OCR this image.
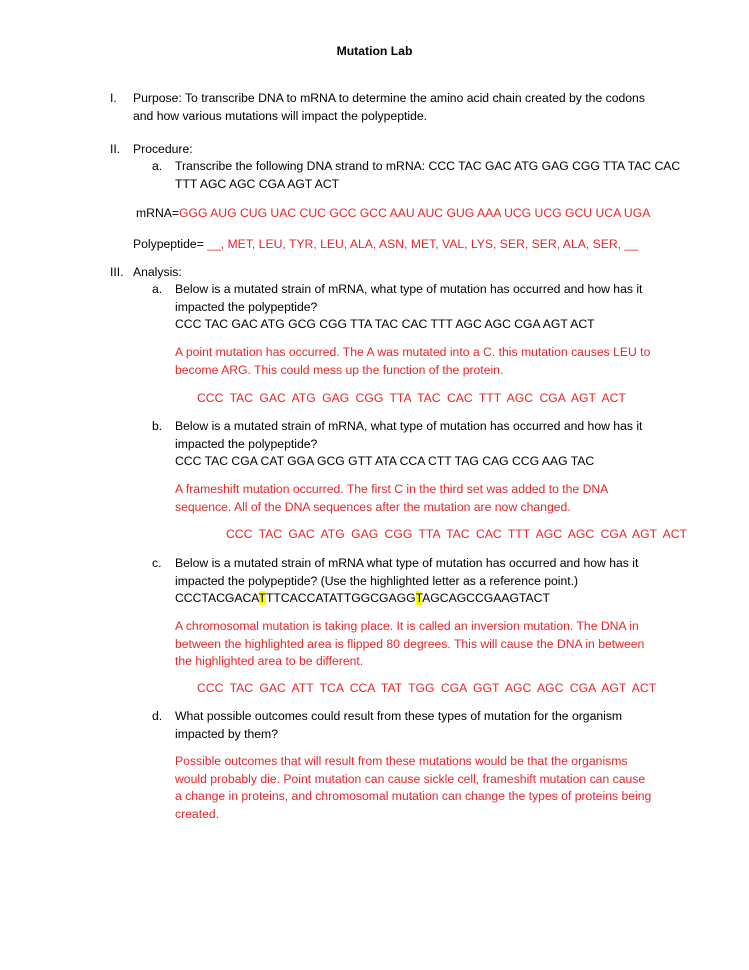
Mutation Lab
I. Purpose: To transcribe DNA to mRNA to determine the amino acid chain created by the codons
and how various mutations will impact the polypeptide.
II. Procedure:
a. Transcribe the following DNA strand to mRNA: CCC TAC GAC ATG GAG CGG TTA TAC CAC
TTT AGC AGC CGA AGT ACT
mRNA=GGG AUG CUG UAC CUC GCC GCC AAU AUC GUG AAA UCG UCG GCU UCA UGA
Polypeptide= __, MET, LEU, TYR, LEU, ALA, ASN, MET, VAL, LYS, SER, SER, ALA, SER, __
III. Analysis:
a. Below is a mutated strain of mRNA, what type of mutation has occurred and how has it
impacted the polypeptide?
CCC TAC GAC ATG GCG CGG TTA TAC CAC TTT AGC AGC CGA AGT ACT
A point mutation has occurred. The A was mutated into a C. this mutation causes LEU to
become ARG. This could mess up the function of the protein.
CCC TAC GAC ATG GAG CGG TTA TAC CAC TTT AGC CGA AGT ACT
b. Below is a mutated strain of mRNA, what type of mutation has occurred and how has it
impacted the polypeptide?
CCC TAC CGA CAT GGA GCG GTT ATA CCA CTT TAG CAG CCG AAG TAC
A frameshift mutation occurred. The first C in the third set was added to the DNA
sequence. All of the DNA sequences after the mutation are now changed.
CCC TAC GAC ATG GAG CGG TTA TAC CAC TTT AGC AGC CGA AGT ACT
c. Below is a mutated strain of mRNA what type of mutation has occurred and how has it
impacted the polypeptide? (Use the highlighted letter as a reference point.)
CCCTACGACATTTCACCATATTGGCGAGGTAGCAGCCGAAGTACT
A chromosomal mutation is taking place. It is called an inversion mutation. The DNA in
between the highlighted area is flipped 80 degrees. This will cause the DNA in between
the highlighted area to be different.
CCC TAC GAC ATT TCA CCA TAT TGG CGA GGT AGC AGC CGA AGT ACT
d. What possible outcomes could result from these types of mutation for the organism
impacted by them?
Possible outcomes that will result from these mutations would be that the organisms
would probably die. Point mutation can cause sickle cell, frameshift mutation can cause
a change in proteins, and chromosomal mutation can change the types of proteins being
created.
